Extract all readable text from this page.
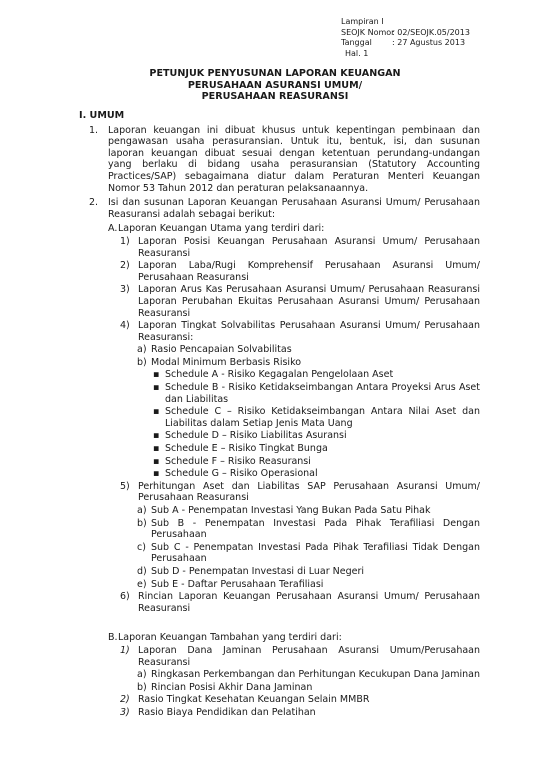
Lampiran I
SEOJK Nomor
: 02/SEOJK.05/2013
Tanggal	: 27 Agustus 2013
Hal. 1
PETUNJUK PENYUSUNAN LAPORAN KEUANGAN
PERUSAHAAN ASURANSI UMUM/
PERUSAHAAN REASURANSI
I. UMUM
1.	Laporan keuangan ini dibuat khusus untuk kepentingan pembinaan dan pengawasan usaha perasuransian. Untuk itu, bentuk, isi, dan susunan laporan keuangan dibuat sesuai dengan ketentuan perundang-undangan yang berlaku di bidang usaha perasuransian (Statutory Accounting Practices/SAP) sebagaimana diatur dalam Peraturan Menteri Keuangan Nomor 53 Tahun 2012 dan peraturan pelaksanaannya.
2.	Isi dan susunan Laporan Keuangan Perusahaan Asuransi Umum/ Perusahaan Reasuransi adalah sebagai berikut:
A. Laporan Keuangan Utama yang terdiri dari:
1) Laporan Posisi Keuangan Perusahaan Asuransi Umum/ Perusahaan Reasuransi
2) Laporan Laba/Rugi Komprehensif Perusahaan Asuransi Umum/ Perusahaan Reasuransi
3) Laporan Arus Kas Perusahaan Asuransi Umum/ Perusahaan Reasuransi Laporan Perubahan Ekuitas Perusahaan Asuransi Umum/ Perusahaan Reasuransi
4) Laporan Tingkat Solvabilitas Perusahaan Asuransi Umum/ Perusahaan Reasuransi:
a) Rasio Pencapaian Solvabilitas
b) Modal Minimum Berbasis Risiko
▪ Schedule A - Risiko Kegagalan Pengelolaan Aset
▪ Schedule B - Risiko Ketidakseimbangan Antara Proyeksi Arus Aset dan Liabilitas
▪ Schedule C – Risiko Ketidakseimbangan Antara Nilai Aset dan Liabilitas dalam Setiap Jenis Mata Uang
▪ Schedule D – Risiko Liabilitas Asuransi
▪ Schedule E – Risiko Tingkat Bunga
▪ Schedule F – Risiko Reasuransi
▪ Schedule G – Risiko Operasional
5) Perhitungan Aset dan Liabilitas SAP Perusahaan Asuransi Umum/ Perusahaan Reasuransi
a) Sub A - Penempatan Investasi Yang Bukan Pada Satu Pihak
b) Sub B - Penempatan Investasi Pada Pihak Terafiliasi Dengan Perusahaan
c) Sub C - Penempatan Investasi Pada Pihak Terafiliasi Tidak Dengan Perusahaan
d) Sub D - Penempatan Investasi di Luar Negeri
e) Sub E - Daftar Perusahaan Terafiliasi
6) Rincian Laporan Keuangan Perusahaan Asuransi Umum/ Perusahaan Reasuransi
B. Laporan Keuangan Tambahan yang terdiri dari:
1) Laporan Dana Jaminan Perusahaan Asuransi Umum/Perusahaan Reasuransi
a) Ringkasan Perkembangan dan Perhitungan Kecukupan Dana Jaminan
b) Rincian Posisi Akhir Dana Jaminan
2) Rasio Tingkat Kesehatan Keuangan Selain MMBR
3) Rasio Biaya Pendidikan dan Pelatihan
